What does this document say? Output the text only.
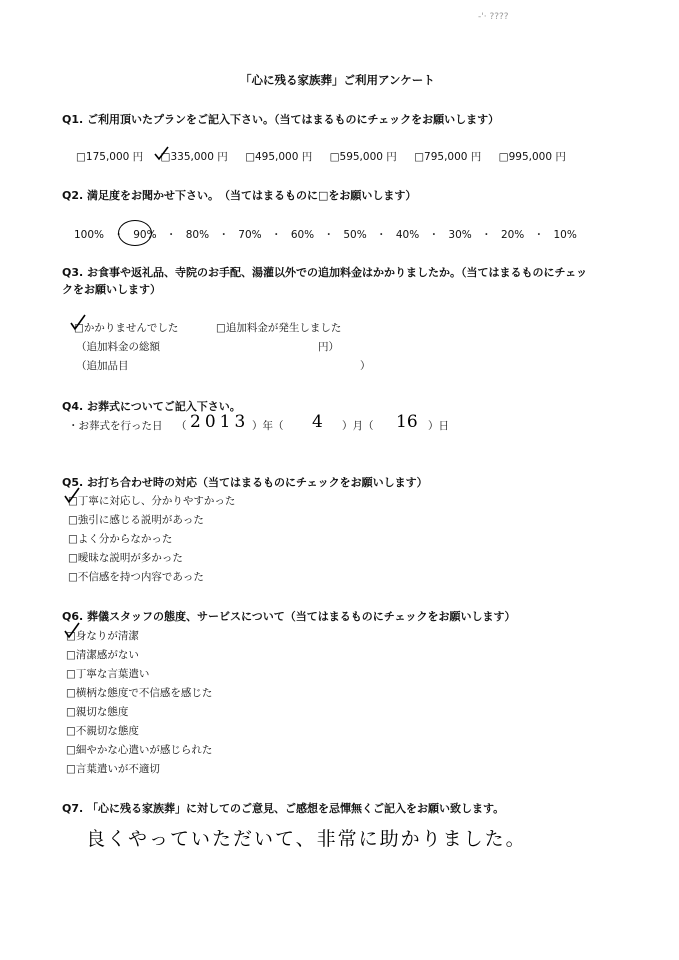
-'· ????
「心に残る家族葬」ご利用アンケート
Q1. ご利用頂いたプランをご記入下さい。（当てはまるものにチェックをお願いします）
□175,000 円 □335,000 円 □495,000 円 □595,000 円 □795,000 円 □995,000 円
Q2. 満足度をお聞かせ下さい。　（当てはまるものに□をお願いします）
100% ・ 90% ・ 80% ・ 70% ・ 60% ・ 50% ・ 40% ・ 30% ・ 20% ・ 10%
Q3. お食事や返礼品、寺院のお手配、湯灌以外での追加料金はかかりましたか。（当てはまるものにチェッ
クをお願いします）
□かかりませんでした	□追加料金が発生しました
（追加料金の総額	円）
（追加品目	）
Q4. お葬式についてご記入下さい。
・お葬式を行った日 （ 2013 ）年（ 4 ）月（ 16 ）日
Q5. お打ち合わせ時の対応（当てはまるものにチェックをお願いします）
□丁寧に対応し、分かりやすかった
□強引に感じる説明があった
□よく分からなかった
□曖昧な説明が多かった
□不信感を持つ内容であった
Q6. 葬儀スタッフの態度、サービスについて（当てはまるものにチェックをお願いします）
□身なりが清潔
□清潔感がない
□丁寧な言葉遣い
□横柄な態度で不信感を感じた
□親切な態度
□不親切な態度
□細やかな心遣いが感じられた
□言葉遣いが不適切
Q7. 「心に残る家族葬」に対してのご意見、ご感想を忌憚無くご記入をお願い致します。
良くやっていただいて、非常に助かりました。
